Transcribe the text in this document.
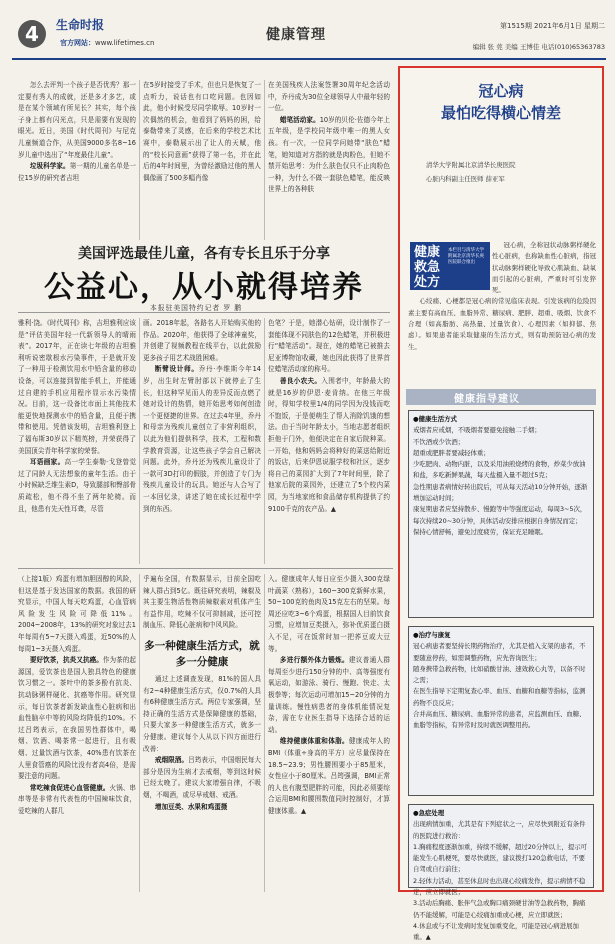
4	生命时报
官方网站：www.lifetimes.cn	健康管理
第1515期 2021年6月1日 星期二
编辑 张 莞 美编 王博佳 电话(010)65363783

怎么去评判一个孩子是否优秀？那一定要有秀人的成就，还是多才多艺，或是在某个领域有所见长？其实，每个孩子身上都有闪光点，只是需要有发现的眼光。近日，美国《时代周刊》与尼克儿童频道合作，从美国9000多名8~16岁儿童中选出了“年度最佳儿童”。

垃圾科学家。第一期的儿童名单是一位15岁的研究者吉坦

在5岁时接受了手术，但也只是恢复了一点听力，说话也有口吃问题。也因如此，他小时候受尽同学欺辱。10岁时一次偶然的机会，他看到了妈妈的困，给泰勒带来了灵感，在后来的学校艺术比赛中，泰勒展示出了让人的天赋，他的“校长同意画”获得了第一名，并在此后的4年时间里，为曾经激励过他的黑人偶像画了500多幅肖像

在美国残疾人法案签署30周年纪念活动中，乔丹成为30位全球领导人中最年轻的一位。

蜡笔活动家。10岁的贝伦·佐德今年上五年级，是学校同年级中唯一的黑人女孩。有一次，一位同学问她带“肤色”蜡笔，她知道对方指的就是肉粉色，但她不禁开始思考：为什么肤色仅只不止肉粉色一种，为什么不做一套肤色蜡笔，能反映世界上的各种肤

美国评选最佳儿童，各有专长且乐于分享
公益心，从小就得培养
本报驻美国特约记者 罗 鹏

雅利·饶。《时代周刊》称，吉坦雅利应该是“评估美国年轻一代新领导人的晴雨表”。2017年，正在读七年级的吉坦雅利听说密歇根水污染事件，于是就开发了一种用于检测饮用水中铅含量的移动设备，可以连接到智能手机上，并能通过自建的手机应用程序显示水污染情况。目前，这一设备比市面上其他技术能更快地探测水中的铅含量，且便于携带和使用。凭借该发明，吉坦雅利登上了福布斯30岁以下精英榜，并荣获得了美国顶尖青年科学家的荣誉。

耳语画家。高一学生泰勒·戈登曾觉过了同龄人无法想象的童年生活。由于小时候缺乏维生素D，导致腿部和臀部骨质疏松，他不得不坐了两年轮椅。而且，他患有先天性耳聋，尽管

画。2018年起，各路名人开始购买他的作品。2020年，他获得了全球神童奖，并创建了视频教程在线平台，以此鼓励更多孩子用艺术战胜困难。

断臂设计师。乔丹·李维斯今年14岁，出生时左臂肘部以下就停止了生长，但这种罕见而人的差异反而点燃了她对设计的热情，她开始思考如何创造一个更便捷的世界。在过去4年里，乔丹和母亲为残疾儿童创立了非营利组织，以此为他们提供科学，技术，工程和数学教育资源，让这些孩子学会自己解决问题。此外，乔丹还为残疾儿童设计了一款可3D打印的假肢，并创造了专门为残疾儿童设计的玩具。她还与人合写了一本回忆录，讲述了她在成长过程中学到的东西。

色笔？于是，她潜心钻研，设计制作了一套能体现不同肤色的12色蜡笔，并积极进行“蜡笔活动”。现在，她的蜡笔已被推去尼亚博物馆收藏，她也因此获得了世界首位蜡笔活动家的称号。

善良小农夫。入围者中，年龄最大的就是16岁的伊恩·麦肯纳。在他三年级时，得知学校里1/4的同学因为没钱而吃不饱饭，于是便萌生了帮人消除饥饿的想法。由于当时年龄太小，当地志愿者组织拒他于门外，他便决定在自家后院种菜。一开始，他和妈妈会将种好的菜送给附近的饭店，后来伊恩说服学校和社区，逐步将自己的菜园扩大到了7年时间里，除了他家后院的菜园外，还建立了5个校内菜园，为当地家庭和食品储存机构提供了约9100千克的农产品。▲

（上接1版）鸡蛋有增加胆固醇的风险，但这是基于发达国家的数据。我国的研究显示，中国人每天吃鸡蛋，心血管病风险发生风险可降低11%。2004~2008年，13%的研究对象过去1年每周有5~7天摄入鸡蛋，近50%的人每周1~3天摄入鸡蛋。

要好饮茶，抗炎又抗癌。作为茶的起源国，爱饮茶也是国人独具特色的健康饮习惯之一。茶叶中的茶多酚有抗炎、抗动脉粥样硬化、抗癌等作用。研究显示，每日饮茶者新发缺血性心脏病和出血性脑卒中等的风险均降低约10%。不过吕筠表示，在我国男性群体中，喝烟、饮酒、喝茶常一起进行，且有吸烟、过量饮酒与饮茶，40%患有饮茶在人里食管癌的风险比没有者高4倍，是需要注意的问题。

常吃辣食促进心血管健康。火锅、串串等是非常有代表性的中国辣味饮食，爱吃辣的人群几

乎遍布全国，有数据显示，目前全国吃辣人群占到5亿。既往研究表明，辣椒及其主要生物活性物质辣椒素对机体产生有益作用，吃辣不仅可抑制减，还可控制血压、降低心脏病和中风风险。

多一种健康生活方式，就多一分健康

通过上述调查发现，81%的国人具有2~4种健康生活方式，仅0.7%的人具有6种健康生活方式。两位专家强调，坚持正确的生活方式是保障健康的基础，只要大家多一种健康生活方式，就多一分健康。建议每个人从以下四方面进行改善：

戒烟限酒。吕筠表示，中国烟民每大部分是因为生病才去戒烟，等到这时候已经太晚了。建议大家增强自律，不吸烟，不喝酒，或尽早戒烟、戒酒。

增加豆类、水果和鸡蛋摄

入。健康成年人每日应至少摄入300克绿叶蔬菜（熟称），160~300克新鲜水果，50~100克的鱼肉及15克左右的坚果。每周还应吃3~6个鸡蛋，根据国人目前饮食习惯，应增加豆类摄入，弥补优质蛋白摄入不足，可在饭常时加一把荞豆或大豆等。

多进行额外体力锻炼。建议普通人群每周至少进行150分钟的中、高等强度有氧运动，如游泳、骑行、慢跑、快走、太极拳等；每次运动可增加15~20分钟的力量训练。慢性病患者的身体机能情况复杂，需在专业医生指导下选择合适的运动。

维持健康体重和体脂。健康成年人的BMI（体重÷身高的平方）应尽量保持在18.5~23.9；男性腰围要小于85厘米，女性应小于80厘米。吕筠强调，BMI正常的人也有腹型肥胖的可能，因此必须要综合运用BMI和腰围数值同时控制好，才算健康体重。▲

冠心病
最怕吃得横心情差
清华大学附属北京清华长庚医院
心脏内科副主任医师 薛亚军
健康救急处方
本栏目与清华大学附属北京清华长庚医院联合推出

冠心病，全称冠状动脉粥样硬化性心脏病，也称缺血性心脏病，指冠状动脉粥样硬化导致心肌缺血、缺氧而引起的心脏病，严重时可引发猝死。

心绞痛、心梗都是冠心病的常见临床表现。引发该病的危险因素主要有高血压、血脂异常、糖尿病、肥胖、超重、吸烟、饮食不合理（如高脂肪、高热量、过量饮食）、心理因素（如抑郁、焦虑）。如果患者能采取健康的生活方式，则有助预防冠心病的发生。

健康指导建议
●健康生活方式
戒烟者应戒烟，不吸烟者要避免接触二手烟；
不饮酒或少饮酒；
超重或肥胖者要减轻体重；
少吃肥肉、动物内脏，以及采用油煎烧烤的食物，炒菜少放油和盐，多吃新鲜果蔬，每天盐摄入量不超过5克；
急性期患者病情好转出院后，可从每天活动10分钟开始，逐渐增加运动时间；
康复期患者应坚持散步、慢跑等中等强度运动，每周3~5次，每次持续20~30分钟，具体活动安排应根据自身情况而定；
保持心情舒畅，避免过度疲劳，保证充足睡眠。
●治疗与康复
冠心病患者要坚持长期药物治疗，尤其是植入支架的患者，不要随意停药，如需调整药物，应先咨询医生；
随身携带急救药物，比如硝酸甘油、速效救心丸等，以备不时之需；
在医生指导下定期复查心率、血压、血糖和血糖等指标，监测药物不良反应；
合并高血压、糖尿病、血脂异常的患者，应监测血压、血糖、血脂等指标，有异常时及时就医调整用药。
●急症处理
出现病情加重，尤其是有下列症状之一，应尽快到附近有条件的医院进行救治：
1.胸痛程度逐渐加重，持续不缓解，超过20分钟以上，提示可能发生心肌梗死，要尽快就医，建议拨打120急救电话，不要自驾或自行前往；
2.轻体力活动，甚至休息时也出现心绞痛发作，提示病情不稳定，应立即就医；
3.活动后胸痛、胀伴气急或胸口痛颈硬甘油等急救药物，胸痛仍不能缓解，可能是心绞痛加重或心梗，应立即就医；
4.休息或与不让发病时发复加重变化，可能是冠心病进展加重。▲
